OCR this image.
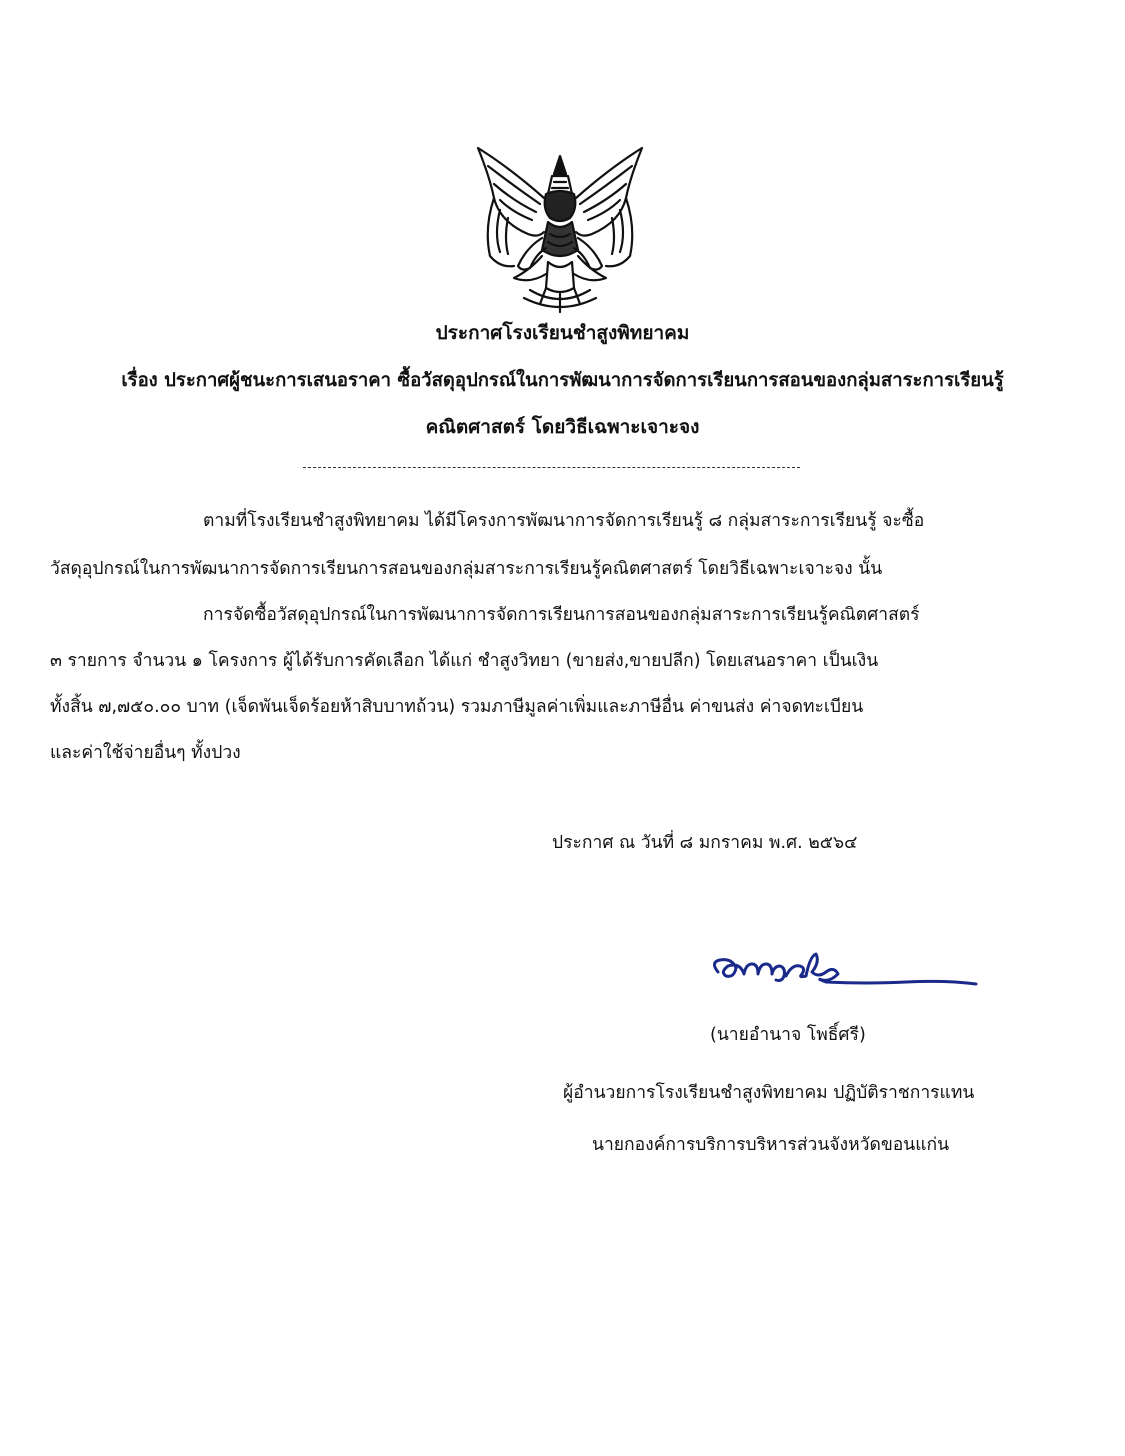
ประกาศโรงเรียนชำสูงพิทยาคม
เรื่อง ประกาศผู้ชนะการเสนอราคา ซื้อวัสดุอุปกรณ์ในการพัฒนาการจัดการเรียนการสอนของกลุ่มสาระการเรียนรู้
คณิตศาสตร์ โดยวิธีเฉพาะเจาะจง
ตามที่โรงเรียนชำสูงพิทยาคม ได้มีโครงการพัฒนาการจัดการเรียนรู้ ๘ กลุ่มสาระการเรียนรู้ จะซื้อ
วัสดุอุปกรณ์ในการพัฒนาการจัดการเรียนการสอนของกลุ่มสาระการเรียนรู้คณิตศาสตร์ โดยวิธีเฉพาะเจาะจง นั้น
การจัดซื้อวัสดุอุปกรณ์ในการพัฒนาการจัดการเรียนการสอนของกลุ่มสาระการเรียนรู้คณิตศาสตร์
๓ รายการ จำนวน ๑ โครงการ ผู้ได้รับการคัดเลือก ได้แก่ ชำสูงวิทยา (ขายส่ง,ขายปลีก) โดยเสนอราคา เป็นเงิน
ทั้งสิ้น ๗,๗๕๐.๐๐ บาท (เจ็ดพันเจ็ดร้อยห้าสิบบาทถ้วน) รวมภาษีมูลค่าเพิ่มและภาษีอื่น ค่าขนส่ง ค่าจดทะเบียน
และค่าใช้จ่ายอื่นๆ ทั้งปวง
ประกาศ ณ วันที่ ๘ มกราคม พ.ศ. ๒๕๖๔
(นายอำนาจ โพธิ์ศรี)
ผู้อำนวยการโรงเรียนชำสูงพิทยาคม ปฏิบัติราชการแทน
นายกองค์การบริการบริหารส่วนจังหวัดขอนแก่น
